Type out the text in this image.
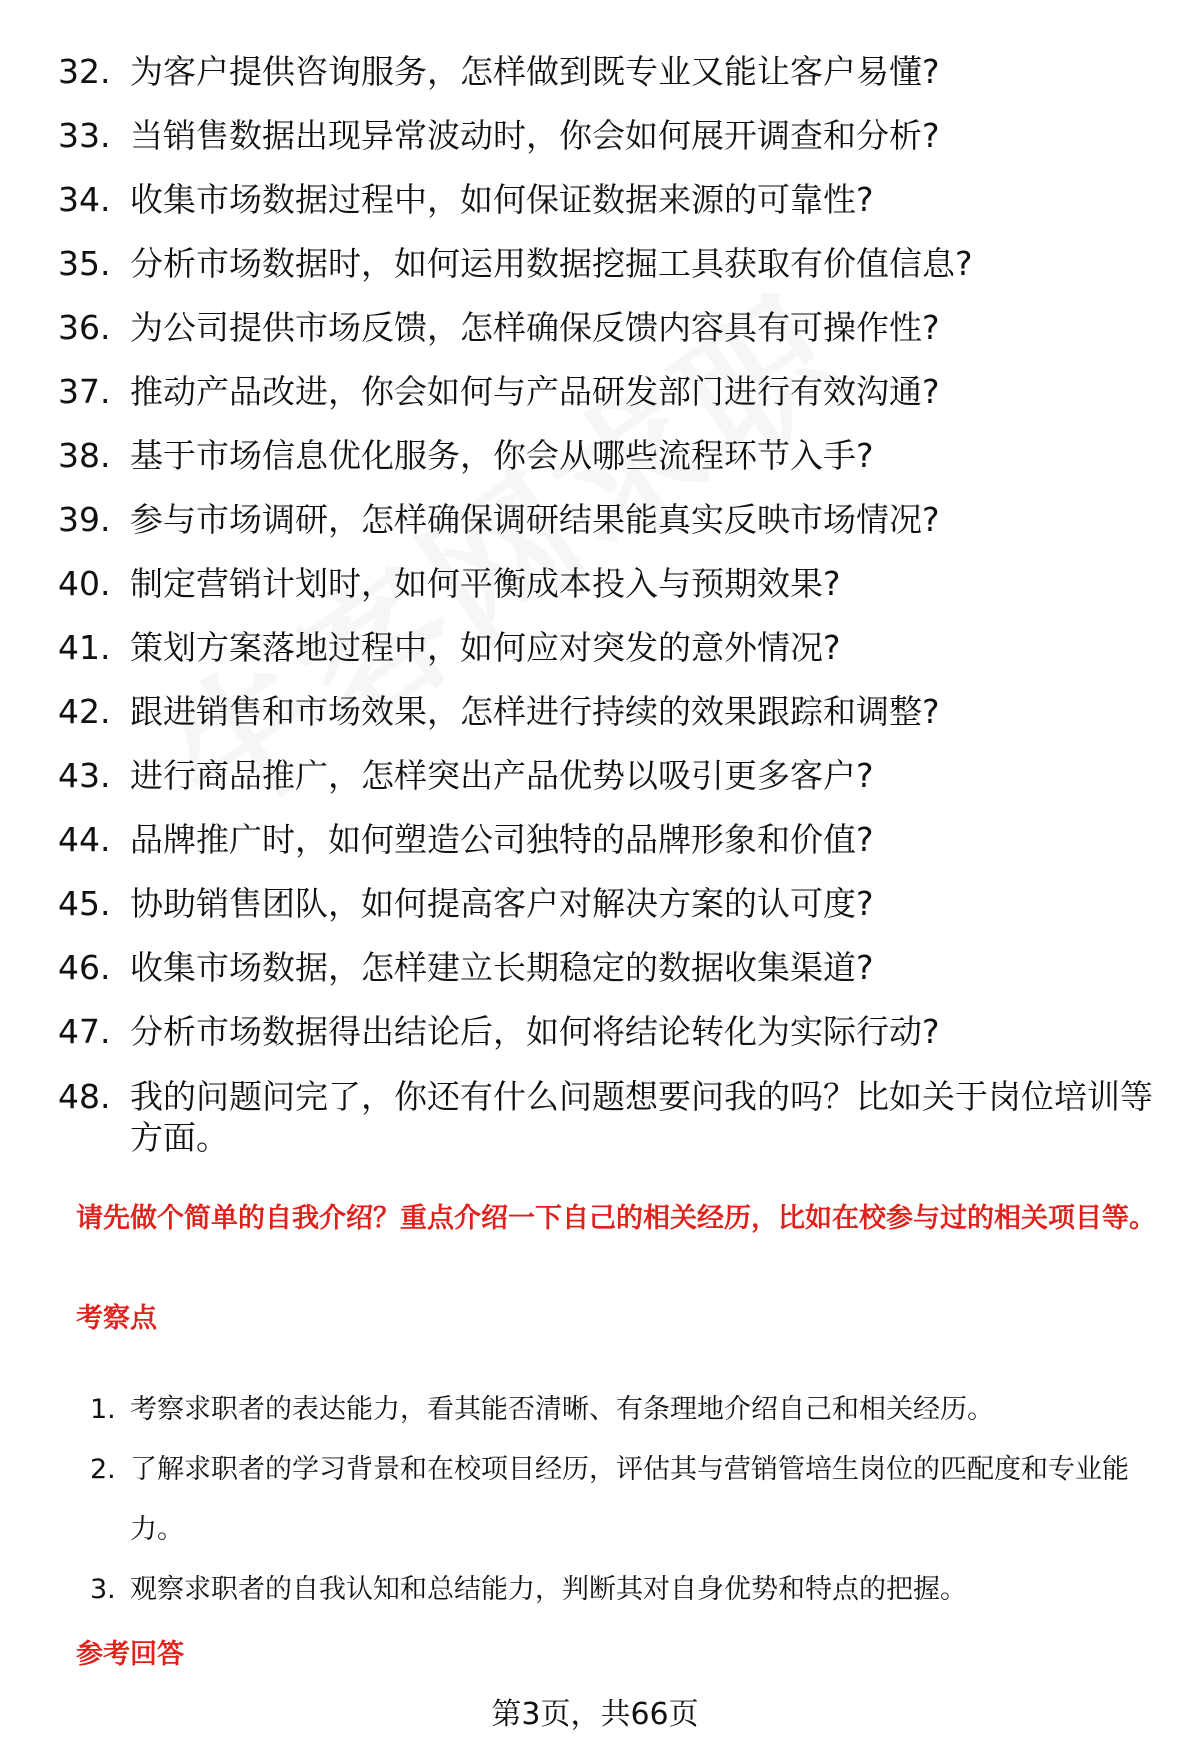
32. 为客户提供咨询服务，怎样做到既专业又能让客户易懂?
33. 当销售数据出现异常波动时，你会如何展开调查和分析?
34. 收集市场数据过程中，如何保证数据来源的可靠性?
35. 分析市场数据时，如何运用数据挖掘工具获取有价值信息?
36. 为公司提供市场反馈，怎样确保反馈内容具有可操作性?
37. 推动产品改进，你会如何与产品研发部门进行有效沟通?
38. 基于市场信息优化服务，你会从哪些流程环节入手?
39. 参与市场调研，怎样确保调研结果能真实反映市场情况?
40. 制定营销计划时，如何平衡成本投入与预期效果?
41. 策划方案落地过程中，如何应对突发的意外情况?
42. 跟进销售和市场效果，怎样进行持续的效果跟踪和调整?
43. 进行商品推广，怎样突出产品优势以吸引更多客户?
44. 品牌推广时，如何塑造公司独特的品牌形象和价值?
45. 协助销售团队，如何提高客户对解决方案的认可度?
46. 收集市场数据，怎样建立长期稳定的数据收集渠道?
47. 分析市场数据得出结论后，如何将结论转化为实际行动?
48. 我的问题问完了，你还有什么问题想要问我的吗？比如关于岗位培训等方面。

请先做个简单的自我介绍？重点介绍一下自己的相关经历，比如在校参与过的相关项目等。

考察点

1. 考察求职者的表达能力，看其能否清晰、有条理地介绍自己和相关经历。
2. 了解求职者的学习背景和在校项目经历，评估其与营销管培生岗位的匹配度和专业能力。
3. 观察求职者的自我认知和总结能力，判断其对自身优势和特点的把握。

参考回答

第3页，共66页
